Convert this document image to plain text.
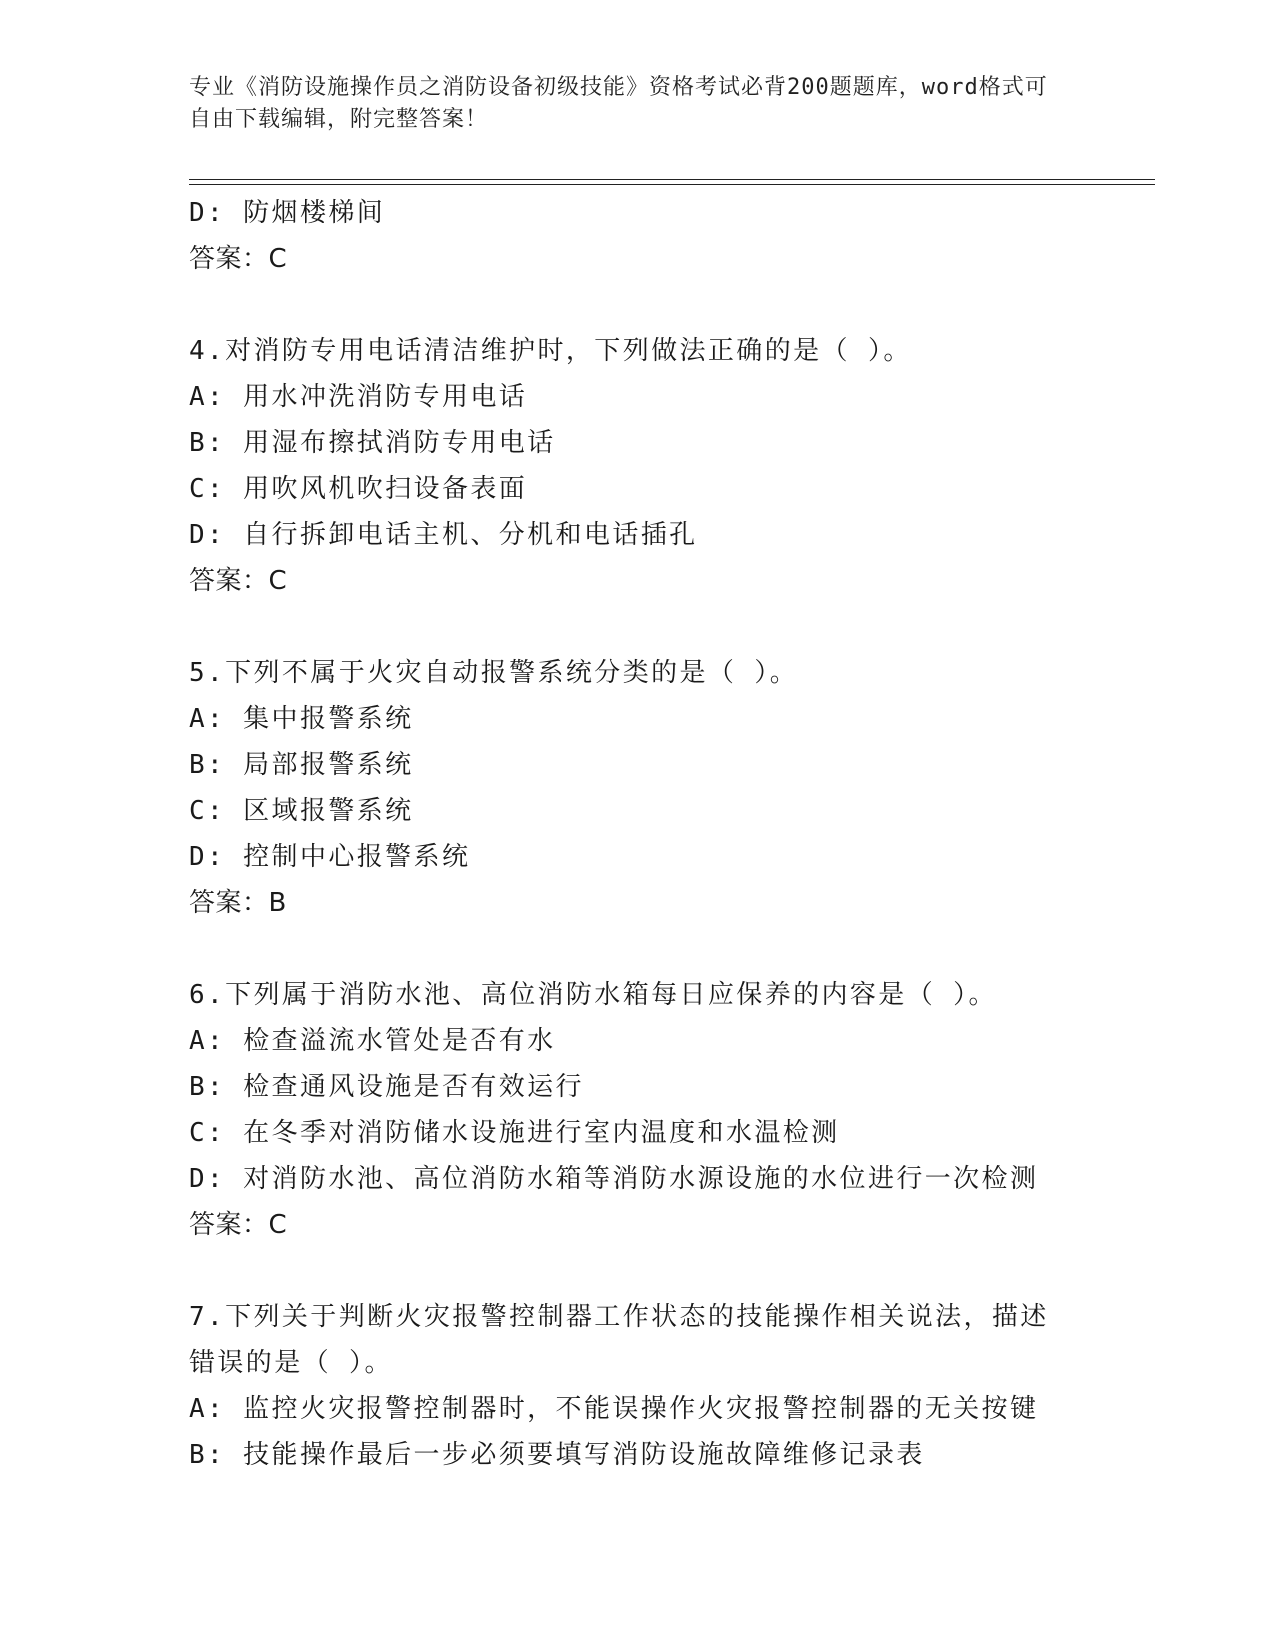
专业《消防设施操作员之消防设备初级技能》资格考试必背200题题库，word格式可自由下载编辑，附完整答案！
D: 防烟楼梯间
答案：C
4.对消防专用电话清洁维护时，下列做法正确的是（ ）。
A: 用水冲洗消防专用电话
B: 用湿布擦拭消防专用电话
C: 用吹风机吹扫设备表面
D: 自行拆卸电话主机、分机和电话插孔
答案：C
5.下列不属于火灾自动报警系统分类的是（ ）。
A: 集中报警系统
B: 局部报警系统
C: 区域报警系统
D: 控制中心报警系统
答案：B
6.下列属于消防水池、高位消防水箱每日应保养的内容是（ ）。
A: 检查溢流水管处是否有水
B: 检查通风设施是否有效运行
C: 在冬季对消防储水设施进行室内温度和水温检测
D: 对消防水池、高位消防水箱等消防水源设施的水位进行一次检测
答案：C
7.下列关于判断火灾报警控制器工作状态的技能操作相关说法，描述
错误的是（ ）。
A: 监控火灾报警控制器时，不能误操作火灾报警控制器的无关按键
B: 技能操作最后一步必须要填写消防设施故障维修记录表
